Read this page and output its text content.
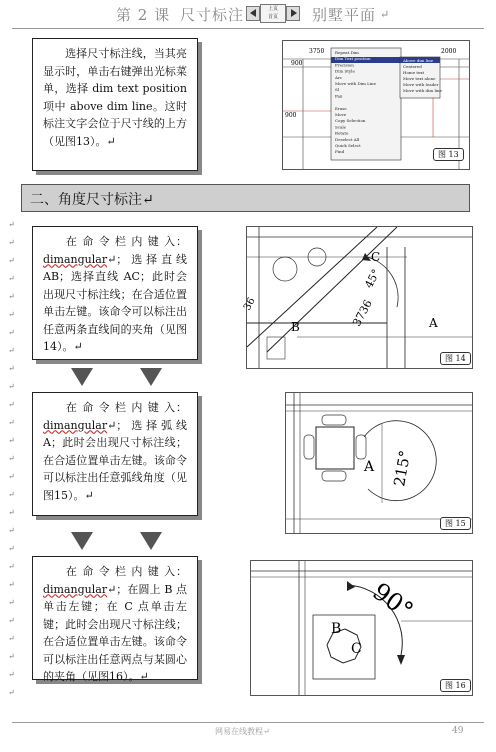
第 2 课 尺寸标注	上页
首页	别墅平面 ↵
选择尺寸标注线，当其亮显示时，单击右键弹出光标菜单，选择 dim text position 项中 above dim line。这时标注文字会位于尺寸线的上方（见图13）。↵
Repeat Dim
Dim Text position
Precision
Dim Style
Arc
Move with Dim Line
Sl
Pan
Erase
Move
Copy Selection
Scale
Rotate
Deselect All
Quick Select
Find
Above dim line
Centered
Home text
Move text alone
Move with leader
Move with dim line
3750	2000
900
900
图 13
二、角度尺寸标注↵
↵
↵
↵
↵
↵
↵
↵
↵
↵
↵
↵
↵
↵
↵
↵
↵
↵
↵
↵
↵
↵
↵
↵
↵
↵
↵
↵
在 命 令 栏 内 键 入：dimangular↵；选择直线 AB；选择直线 AC；此时会出现尺寸标注线；在合适位置单击左键。该命令可以标注出任意两条直线间的夹角（见图14）。↵
C
B	A
45°
3736
36
图 14
在 命 令 栏 内 键 入：dimangular↵；选择弧线 A；此时会出现尺寸标注线；在合适位置单击左键。该命令可以标注出任意弧线角度（见图15）。↵
A 215°
图 15
在 命 令 栏 内 键 入：dimangular↵；在圆上 B 点单击左键；在 C 点单击左键；此时会出现尺寸标注线；在合适位置单击左键。该命令可以标注出任意两点与某圆心的夹角（见图16）。↵
B
C
90°
图 16
网易在线教程↵	49
